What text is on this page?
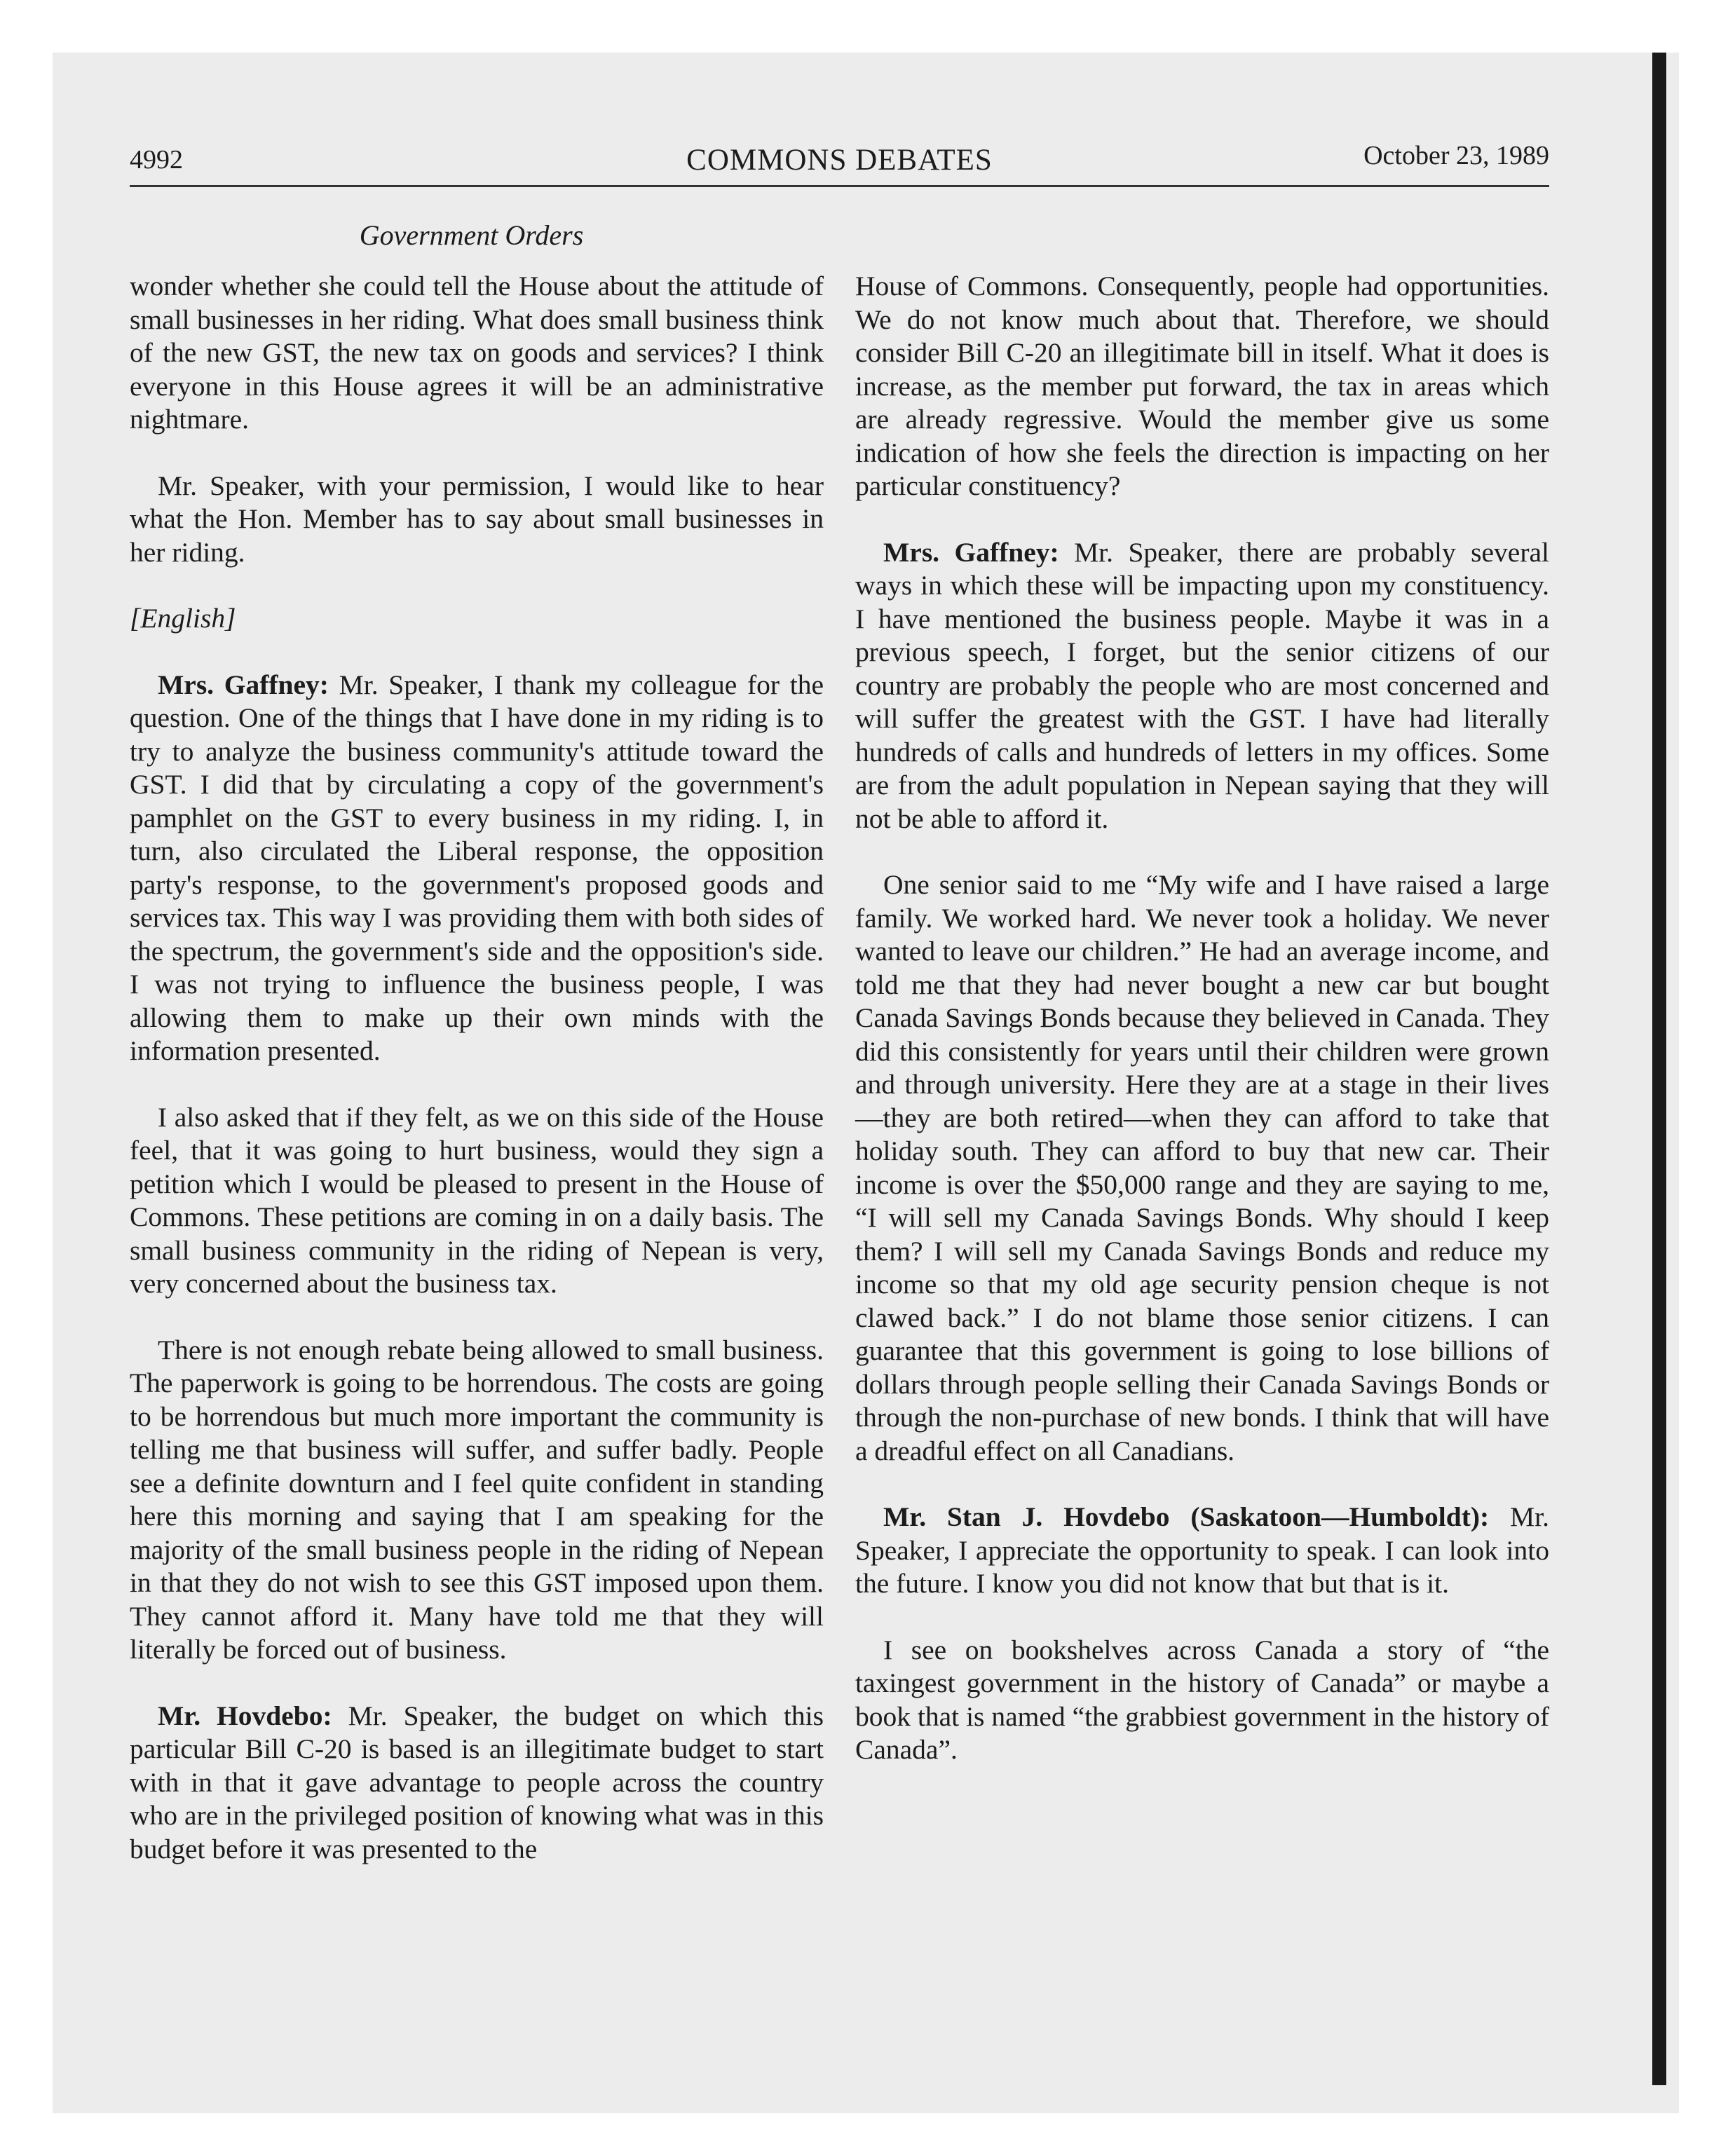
4992	COMMONS DEBATES	October 23, 1989
Government Orders

wonder whether she could tell the House about the attitude of small businesses in her riding. What does small business think of the new GST, the new tax on goods and services? I think everyone in this House agrees it will be an administrative nightmare.

Mr. Speaker, with your permission, I would like to hear what the Hon. Member has to say about small businesses in her riding.

[English]

Mrs. Gaffney: Mr. Speaker, I thank my colleague for the question. One of the things that I have done in my riding is to try to analyze the business community's attitude toward the GST. I did that by circulating a copy of the government's pamphlet on the GST to every business in my riding. I, in turn, also circulated the Liberal response, the opposition party's response, to the government's proposed goods and services tax. This way I was providing them with both sides of the spectrum, the government's side and the opposition's side. I was not trying to influence the business people, I was allowing them to make up their own minds with the information presented.

I also asked that if they felt, as we on this side of the House feel, that it was going to hurt business, would they sign a petition which I would be pleased to present in the House of Commons. These petitions are coming in on a daily basis. The small business community in the riding of Nepean is very, very concerned about the business tax.

There is not enough rebate being allowed to small business. The paperwork is going to be horrendous. The costs are going to be horrendous but much more important the community is telling me that business will suffer, and suffer badly. People see a definite downturn and I feel quite confident in standing here this morning and saying that I am speaking for the majority of the small business people in the riding of Nepean in that they do not wish to see this GST imposed upon them. They cannot afford it. Many have told me that they will literally be forced out of business.

Mr. Hovdebo: Mr. Speaker, the budget on which this particular Bill C-20 is based is an illegitimate budget to start with in that it gave advantage to people across the country who are in the privileged position of knowing what was in this budget before it was presented to the

House of Commons. Consequently, people had opportunities. We do not know much about that. Therefore, we should consider Bill C-20 an illegitimate bill in itself. What it does is increase, as the member put forward, the tax in areas which are already regressive. Would the member give us some indication of how she feels the direction is impacting on her particular constituency?

Mrs. Gaffney: Mr. Speaker, there are probably several ways in which these will be impacting upon my constituency. I have mentioned the business people. Maybe it was in a previous speech, I forget, but the senior citizens of our country are probably the people who are most concerned and will suffer the greatest with the GST. I have had literally hundreds of calls and hundreds of letters in my offices. Some are from the adult population in Nepean saying that they will not be able to afford it.

One senior said to me “My wife and I have raised a large family. We worked hard. We never took a holiday. We never wanted to leave our children.” He had an average income, and told me that they had never bought a new car but bought Canada Savings Bonds because they believed in Canada. They did this consistently for years until their children were grown and through university. Here they are at a stage in their lives—they are both retired—when they can afford to take that holiday south. They can afford to buy that new car. Their income is over the $50,000 range and they are saying to me, “I will sell my Canada Savings Bonds. Why should I keep them? I will sell my Canada Savings Bonds and reduce my income so that my old age security pension cheque is not clawed back.” I do not blame those senior citizens. I can guarantee that this government is going to lose billions of dollars through people selling their Canada Savings Bonds or through the non-purchase of new bonds. I think that will have a dreadful effect on all Canadians.

Mr. Stan J. Hovdebo (Saskatoon—Humboldt): Mr. Speaker, I appreciate the opportunity to speak. I can look into the future. I know you did not know that but that is it.

I see on bookshelves across Canada a story of “the taxingest government in the history of Canada” or maybe a book that is named “the grabbiest government in the history of Canada”.
